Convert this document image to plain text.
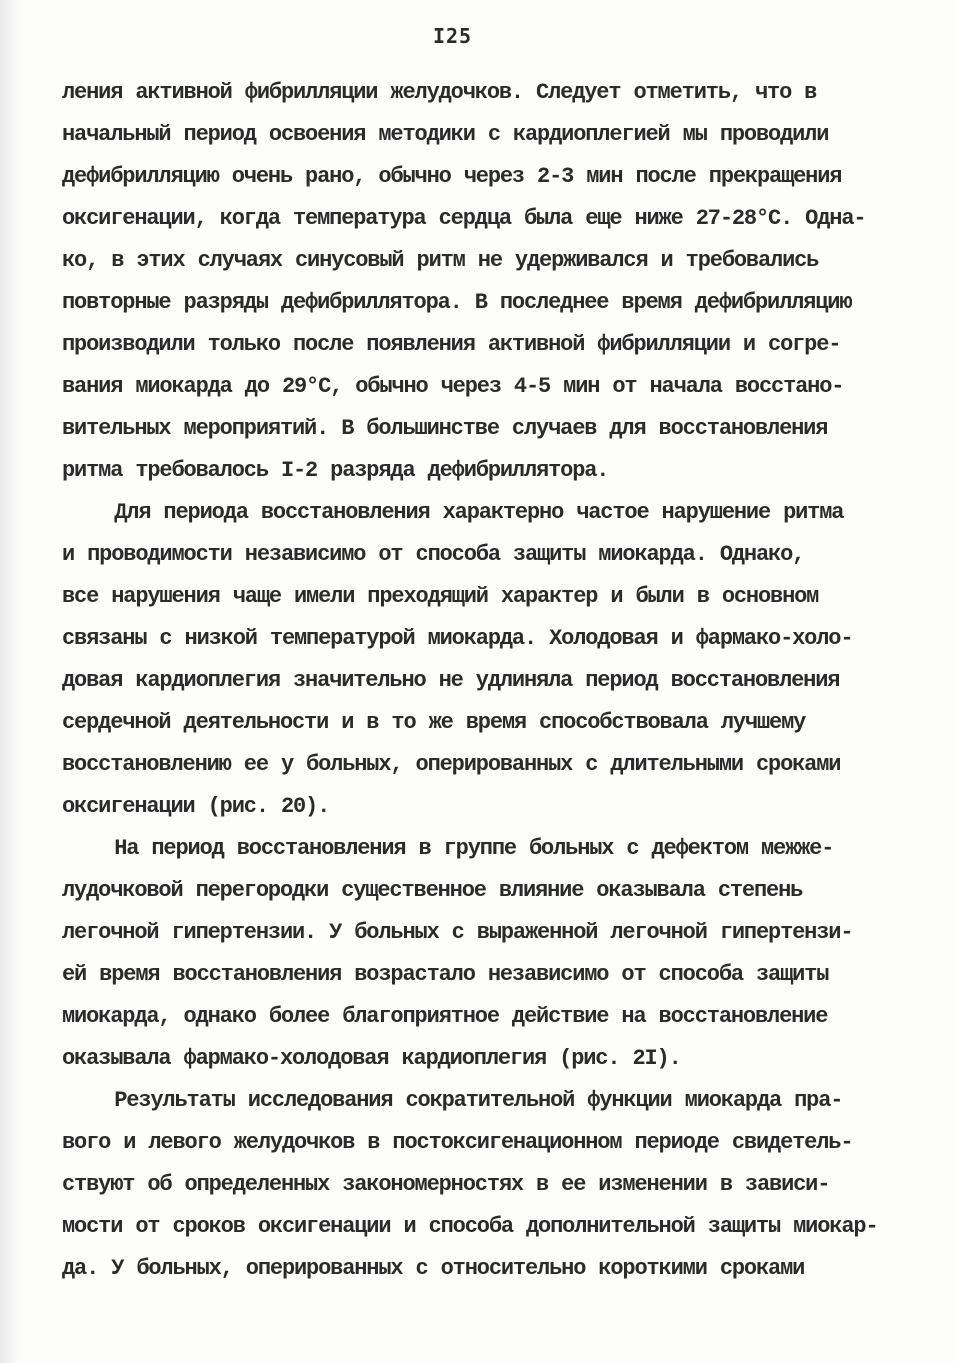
I25
ления активной фибрилляции желудочков. Следует отметить, что в
начальный период освоения методики с кардиоплегией мы проводили
дефибрилляцию очень рано, обычно через 2-3 мин после прекращения
оксигенации, когда температура сердца была еще ниже 27-28°С. Одна-
ко, в этих случаях синусовый ритм не удерживался и требовались
повторные разряды дефибриллятора. В последнее время дефибрилляцию
производили только после появления активной фибрилляции и согре-
вания миокарда до 29°С, обычно через 4-5 мин от начала восстано-
вительных мероприятий. В большинстве случаев для восстановления
ритма требовалось I-2 разряда дефибриллятора.
Для периода восстановления характерно частое нарушение ритма
и проводимости независимо от способа защиты миокарда. Однако,
все нарушения чаще имели преходящий характер и были в основном
связаны с низкой температурой миокарда. Холодовая и фармако-холо-
довая кардиоплегия значительно не удлиняла период восстановления
сердечной деятельности и в то же время способствовала лучшему
восстановлению ее у больных, оперированных с длительными сроками
оксигенации (рис. 20).
На период восстановления в группе больных с дефектом межже-
лудочковой перегородки существенное влияние оказывала степень
легочной гипертензии. У больных с выраженной легочной гипертензи-
ей время восстановления возрастало независимо от способа защиты
миокарда, однако более благоприятное действие на восстановление
оказывала фармако-холодовая кардиоплегия (рис. 2I).
Результаты исследования сократительной функции миокарда пра-
вого и левого желудочков в постоксигенационном периоде свидетель-
ствуют об определенных закономерностях в ее изменении в зависи-
мости от сроков оксигенации и способа дополнительной защиты миокар-
да. У больных, оперированных с относительно короткими сроками
